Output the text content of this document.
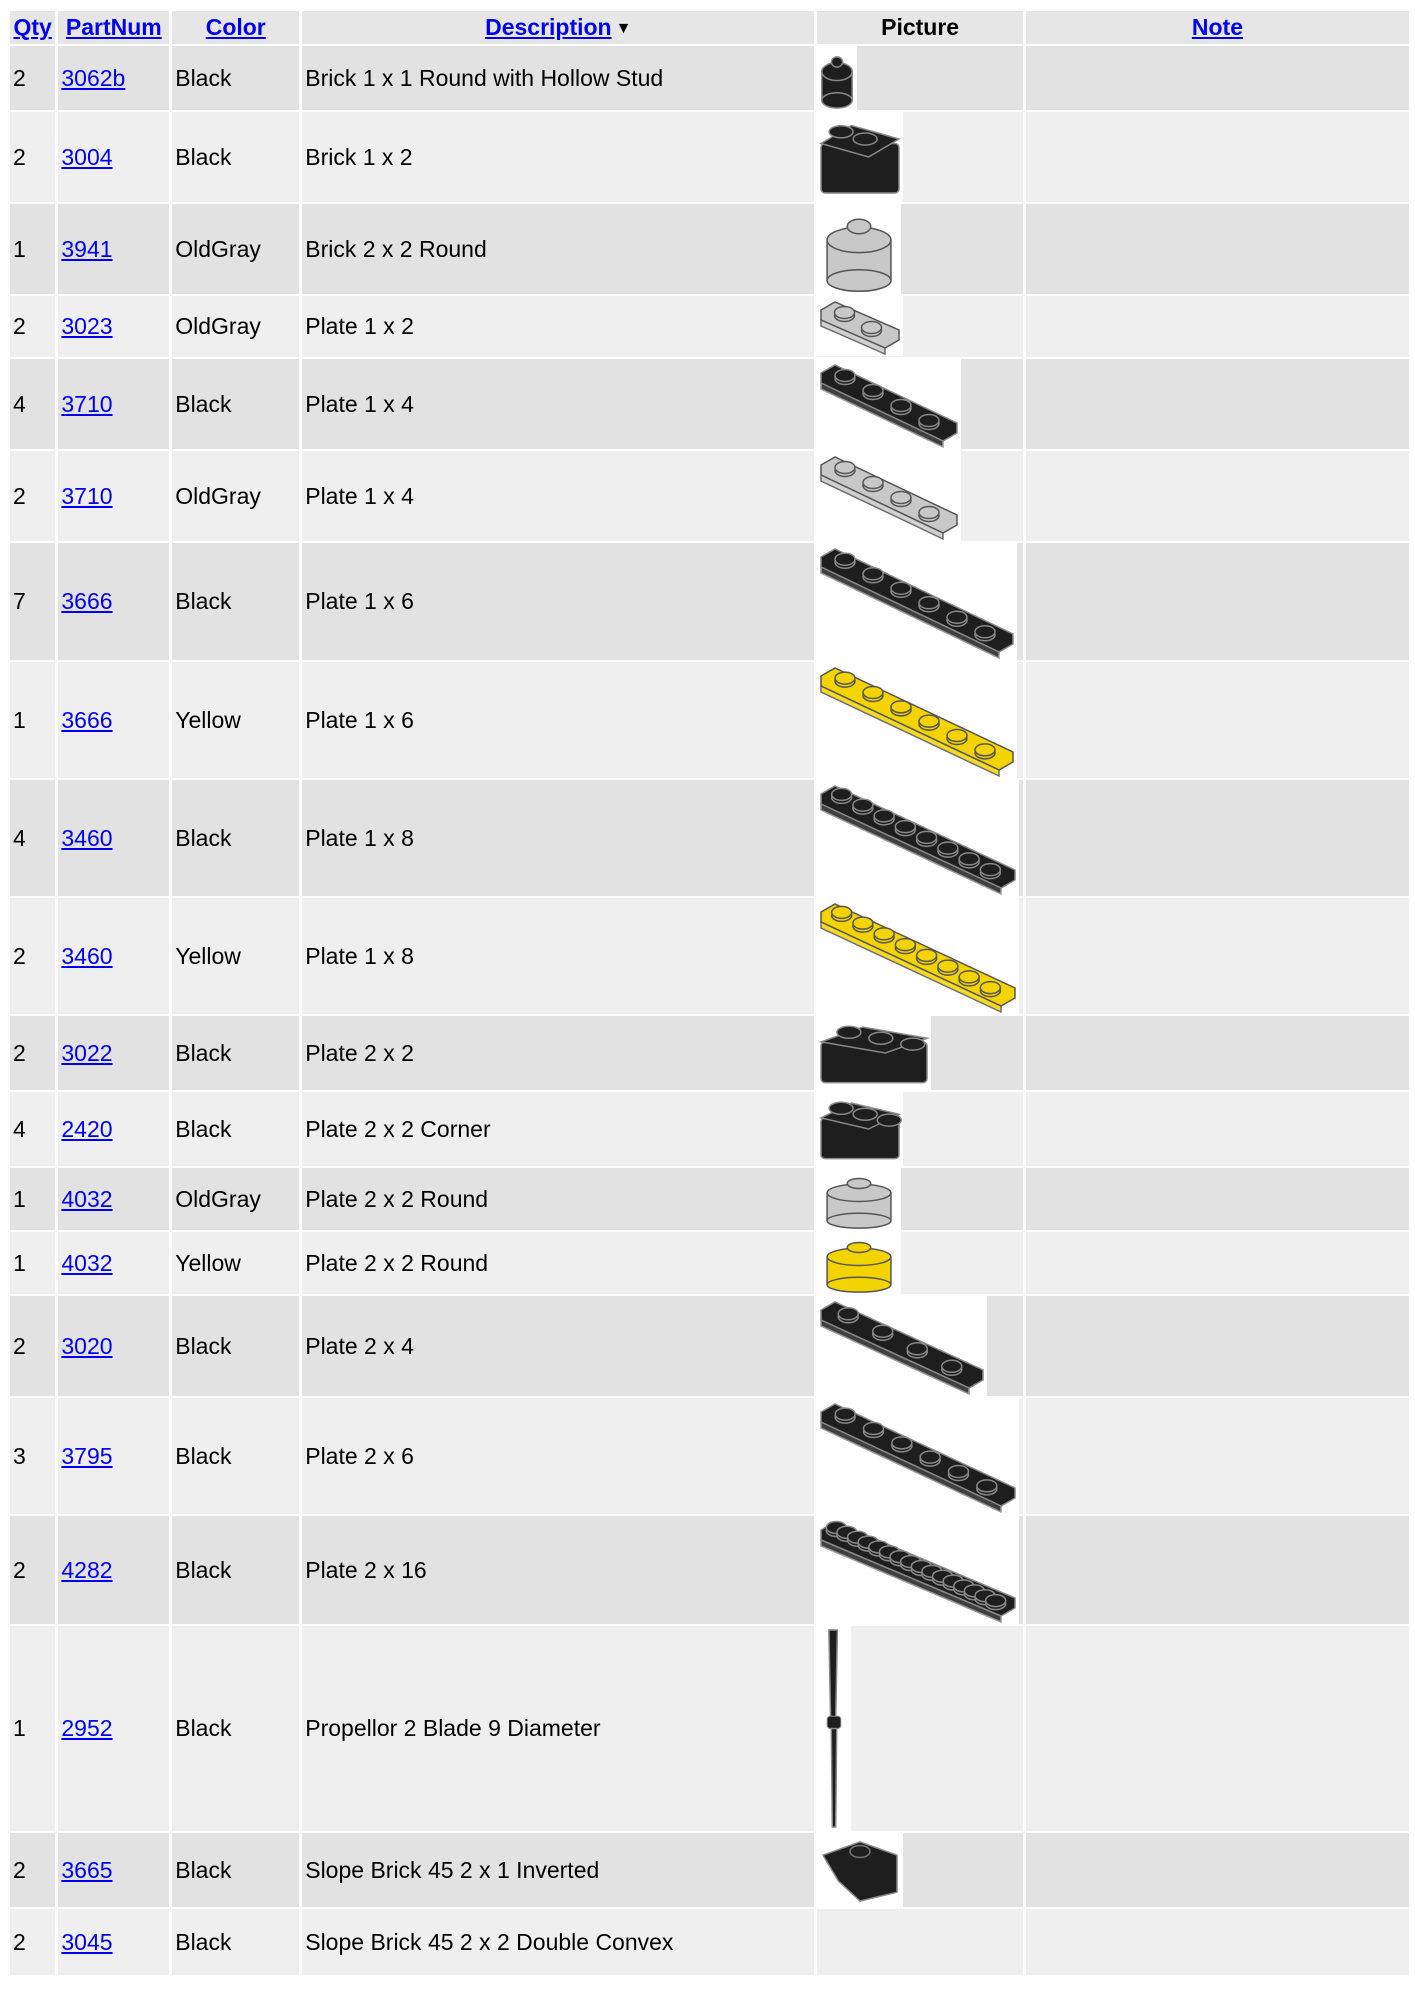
Qty	PartNum	Color	Description ▼	Picture	Note
2	3062b	Black	Brick 1 x 1 Round with Hollow Stud	

2	3004	Black	Brick 1 x 2	

1	3941	OldGray	Brick 2 x 2 Round	

2	3023	OldGray	Plate 1 x 2	

4	3710	Black	Plate 1 x 4	

2	3710	OldGray	Plate 1 x 4	

7	3666	Black	Plate 1 x 6	

1	3666	Yellow	Plate 1 x 6	

4	3460	Black	Plate 1 x 8	

2	3460	Yellow	Plate 1 x 8	

2	3022	Black	Plate 2 x 2	

4	2420	Black	Plate 2 x 2 Corner	

1	4032	OldGray	Plate 2 x 2 Round	

1	4032	Yellow	Plate 2 x 2 Round	

2	3020	Black	Plate 2 x 4	

3	3795	Black	Plate 2 x 6	

2	4282	Black	Plate 2 x 16	

1	2952	Black	Propellor 2 Blade 9 Diameter	

2	3665	Black	Slope Brick 45 2 x 1 Inverted	

2	3045	Black	Slope Brick 45 2 x 2 Double Convex		
